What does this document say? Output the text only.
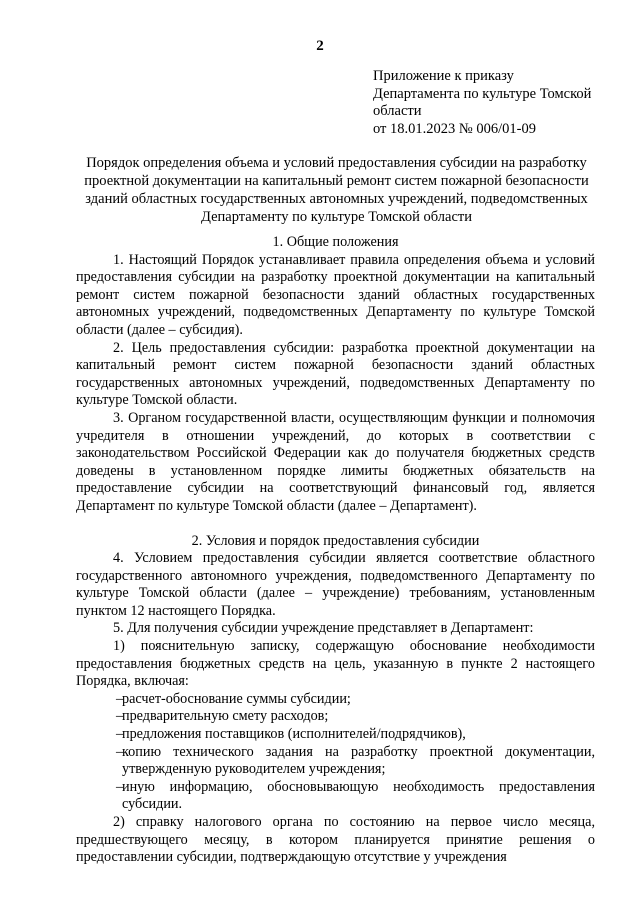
2
Приложение к приказу
Департамента по культуре Томской
области
от 18.01.2023 № 006/01-09
Порядок определения объема и условий предоставления субсидии на разработку проектной документации на капитальный ремонт систем пожарной безопасности зданий областных государственных автономных учреждений, подведомственных Департаменту по культуре Томской области

1. Общие положения

1. Настоящий Порядок устанавливает правила определения объема и условий предоставления субсидии на разработку проектной документации на капитальный ремонт систем пожарной безопасности зданий областных государственных автономных учреждений, подведомственных Департаменту по культуре Томской области (далее – субсидия).

2. Цель предоставления субсидии: разработка проектной документации на капитальный ремонт систем пожарной безопасности зданий областных государственных автономных учреждений, подведомственных Департаменту по культуре Томской области.

3. Органом государственной власти, осуществляющим функции и полномочия учредителя в отношении учреждений, до которых в соответствии с законодательством Российской Федерации как до получателя бюджетных средств доведены в установленном порядке лимиты бюджетных обязательств на предоставление субсидии на соответствующий финансовый год, является Департамент по культуре Томской области (далее – Департамент).

2. Условия и порядок предоставления субсидии

4. Условием предоставления субсидии является соответствие областного государственного автономного учреждения, подведомственного Департаменту по культуре Томской области (далее – учреждение) требованиям, установленным пунктом 12 настоящего Порядка.

5. Для получения субсидии учреждение представляет в Департамент:

1) пояснительную записку, содержащую обоснование необходимости предоставления бюджетных средств на цель, указанную в пункте 2 настоящего Порядка, включая:

–
расчет-обоснование суммы субсидии;
–
предварительную смету расходов;
–
предложения поставщиков (исполнителей/подрядчиков),
–
копию технического задания на разработку проектной документации, утвержденную руководителем учреждения;
–
иную информацию, обосновывающую необходимость предоставления субсидии.

2) справку налогового органа по состоянию на первое число месяца, предшествующего месяцу, в котором планируется принятие решения о предоставлении субсидии, подтверждающую отсутствие у учреждения
